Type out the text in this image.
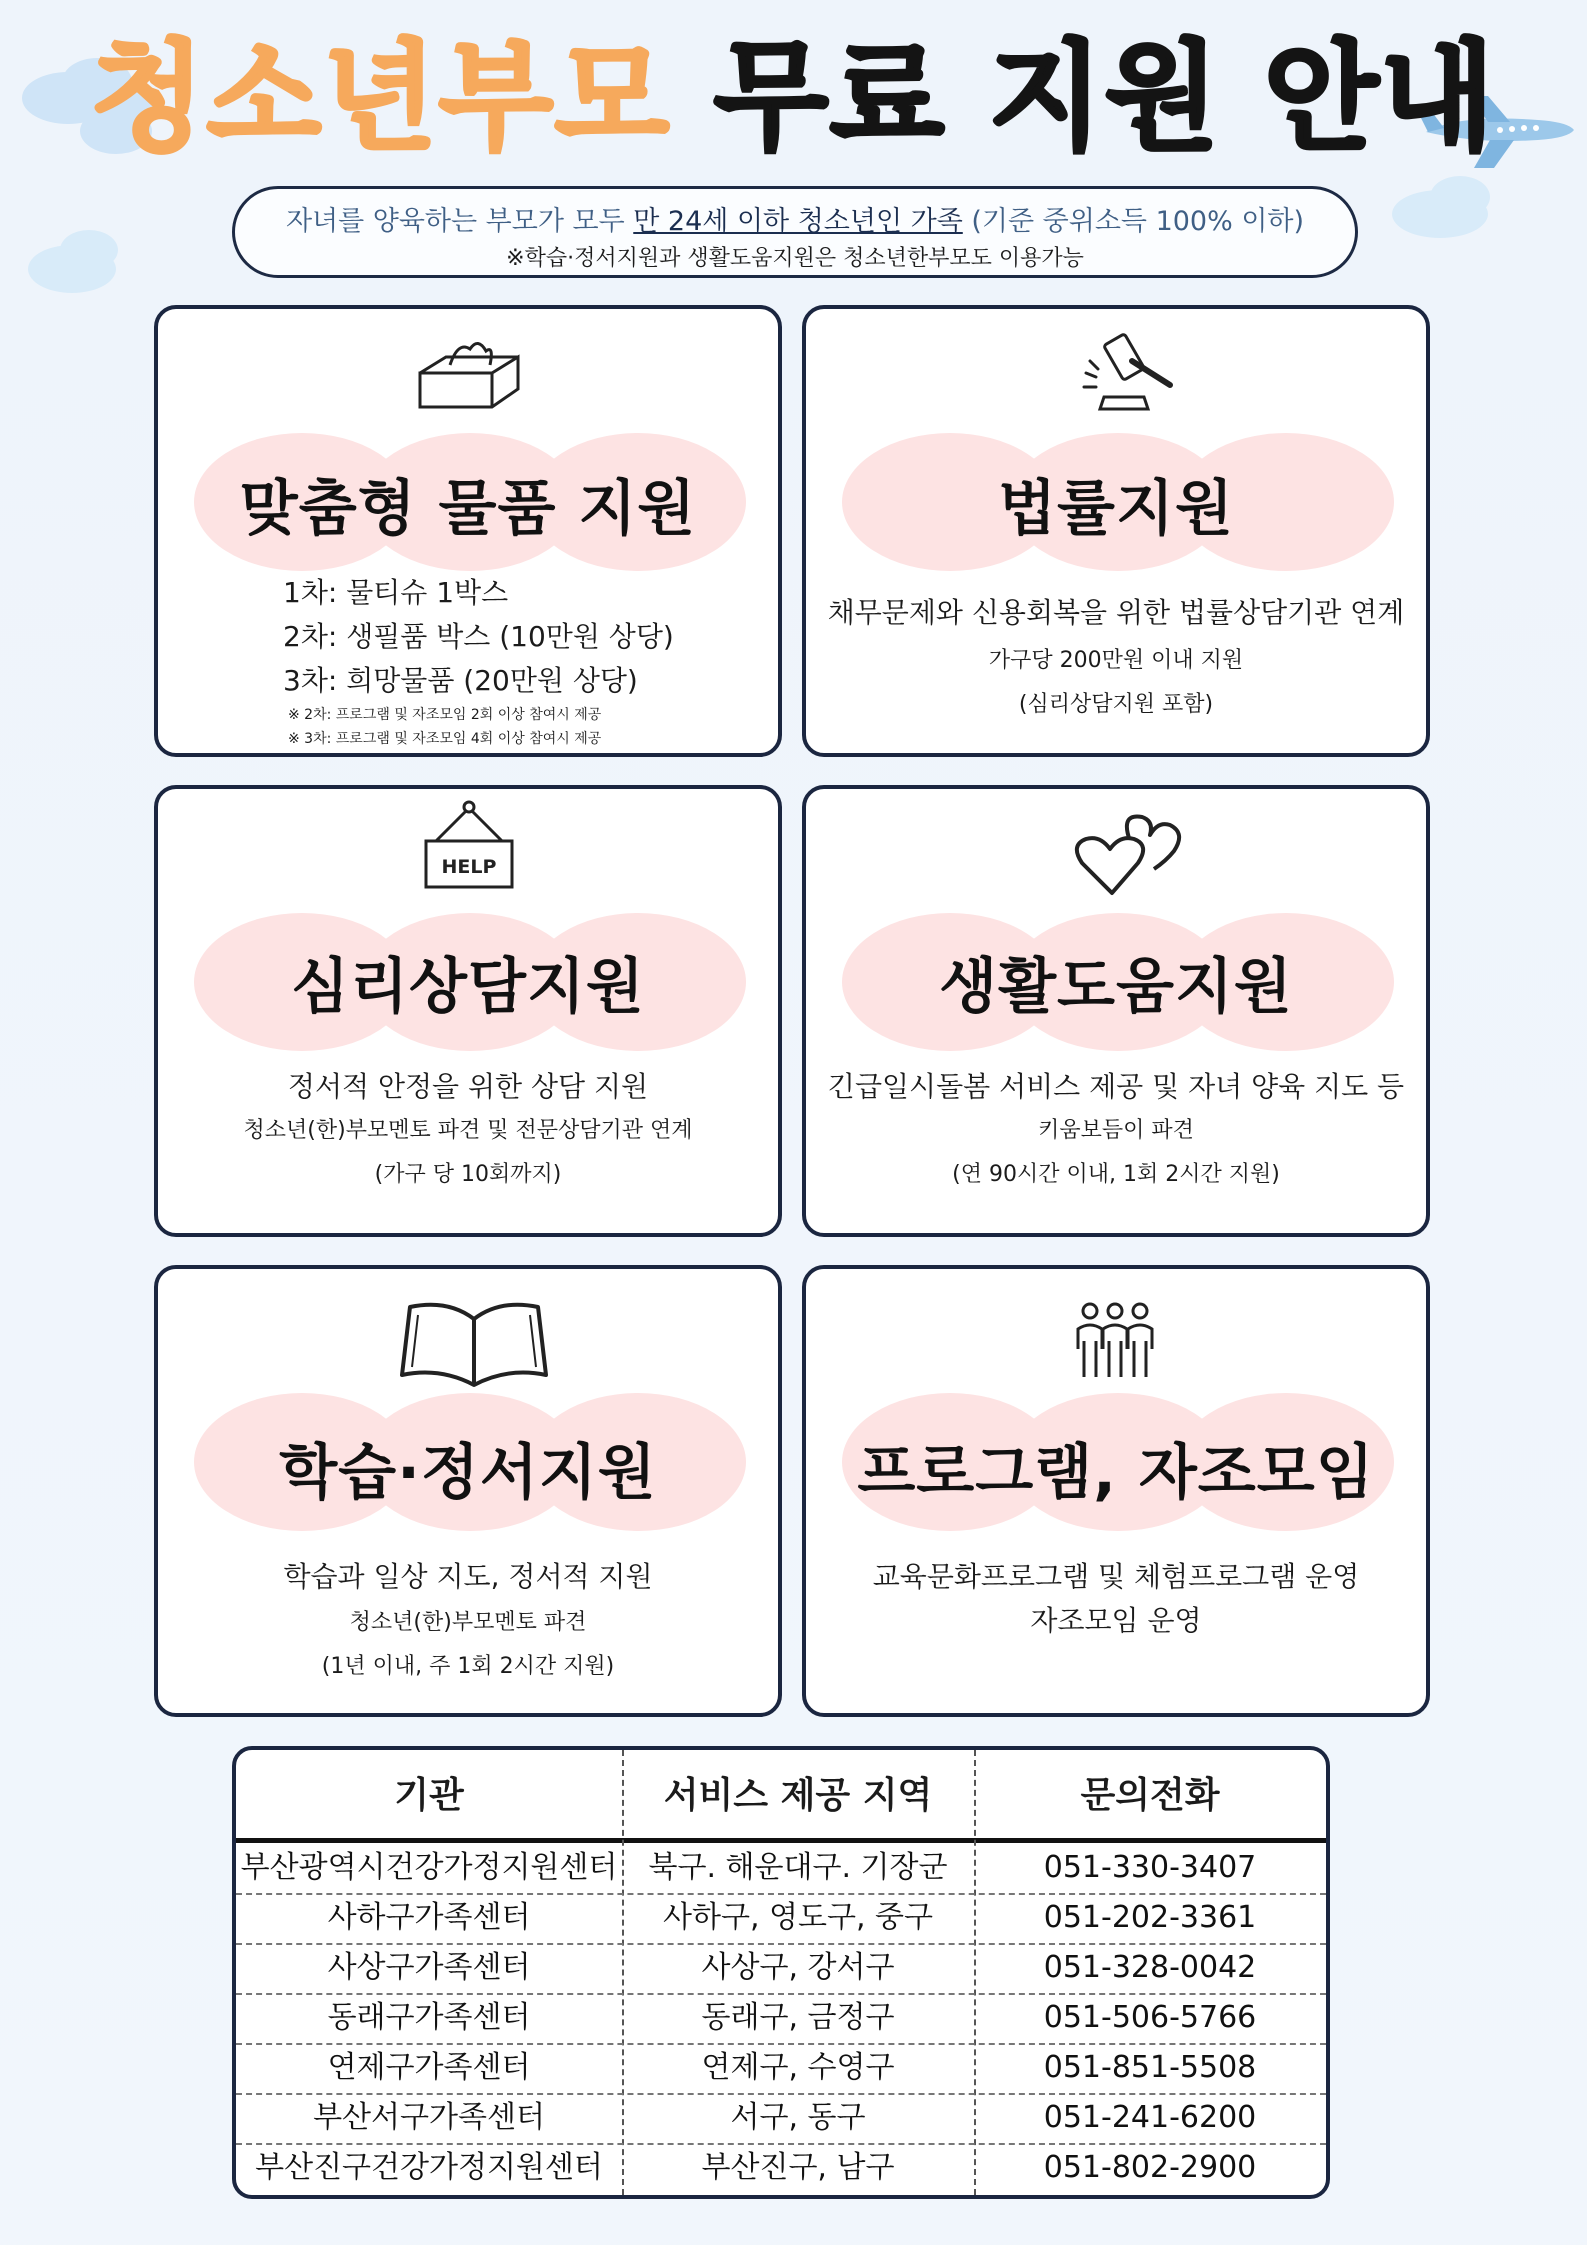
청소년부모 무료 지원 안내
자녀를 양육하는 부모가 모두 만 24세 이하 청소년인 가족 (기준 중위소득 100% 이하)
※학습·정서지원과 생활도움지원은 청소년한부모도 이용가능
맞춤형 물품 지원
1차: 물티슈 1박스
2차: 생필품 박스 (10만원 상당)
3차: 희망물품 (20만원 상당)
※ 2차: 프로그램 및 자조모임 2회 이상 참여시 제공
※ 3차: 프로그램 및 자조모임 4회 이상 참여시 제공
법률지원
채무문제와 신용회복을 위한 법률상담기관 연계
가구당 200만원 이내 지원
(심리상담지원 포함)
HELP
심리상담지원
정서적 안정을 위한 상담 지원
청소년(한)부모멘토 파견 및 전문상담기관 연계
(가구 당 10회까지)
생활도움지원
긴급일시돌봄 서비스 제공 및 자녀 양육 지도 등
키움보듬이 파견
(연 90시간 이내, 1회 2시간 지원)
학습·정서지원
학습과 일상 지도, 정서적 지원
청소년(한)부모멘토 파견
(1년 이내, 주 1회 2시간 지원)
프로그램, 자조모임
교육문화프로그램 및 체험프로그램 운영
자조모임 운영
기관	서비스 제공 지역	문의전화
부산광역시건강가정지원센터	북구. 해운대구. 기장군	051-330-3407
사하구가족센터	사하구, 영도구, 중구	051-202-3361
사상구가족센터	사상구, 강서구	051-328-0042
동래구가족센터	동래구, 금정구	051-506-5766
연제구가족센터	연제구, 수영구	051-851-5508
부산서구가족센터	서구, 동구	051-241-6200
부산진구건강가정지원센터	부산진구, 남구	051-802-2900
